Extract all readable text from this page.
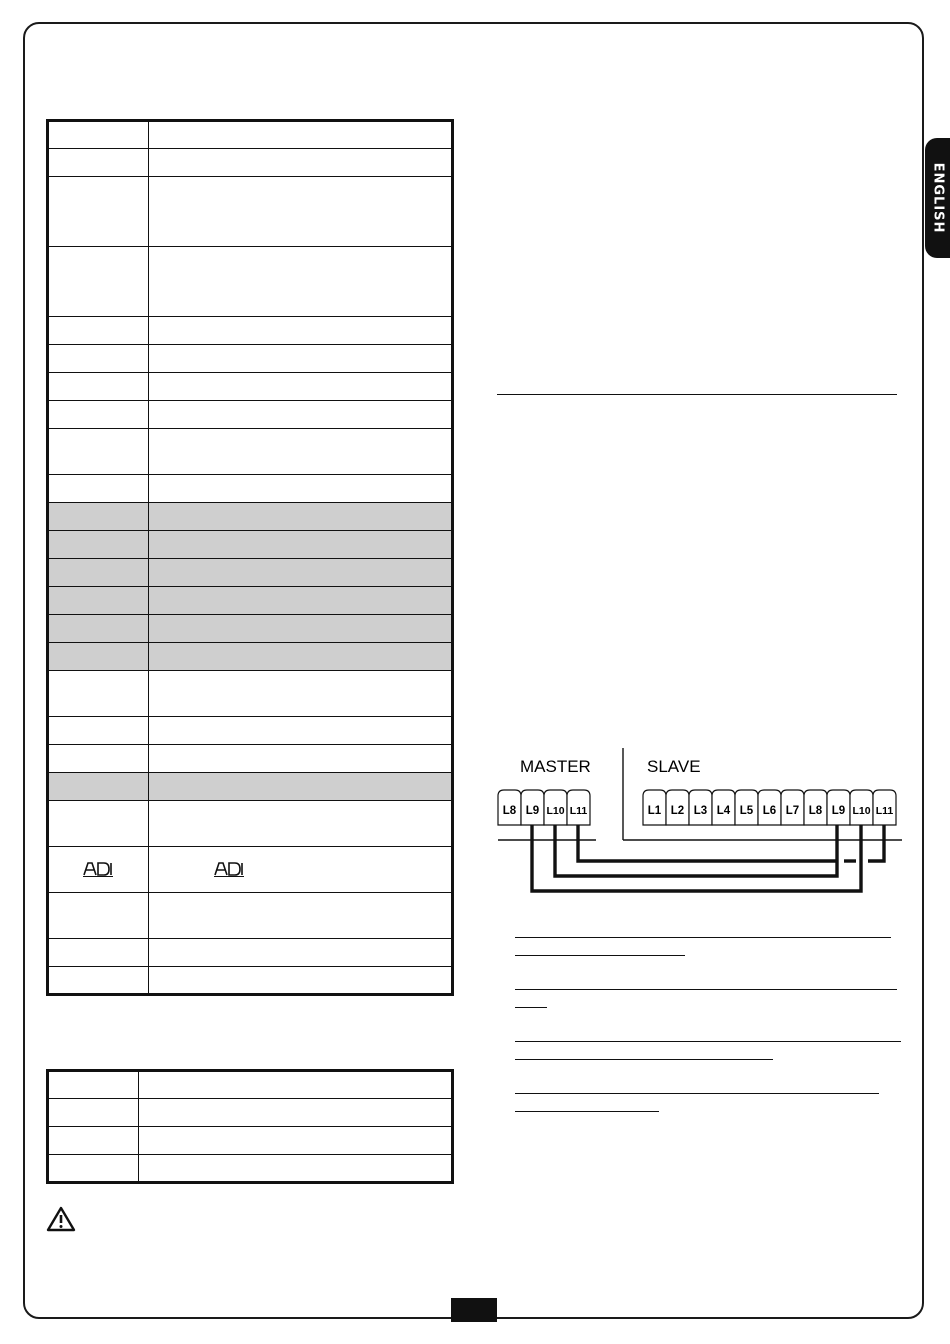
ENGLISH

MASTER	SLAVE
L8 L9 L10 L11	L1 L2 L3 L4 L5 L6 L7 L8 L9 L10 L11
